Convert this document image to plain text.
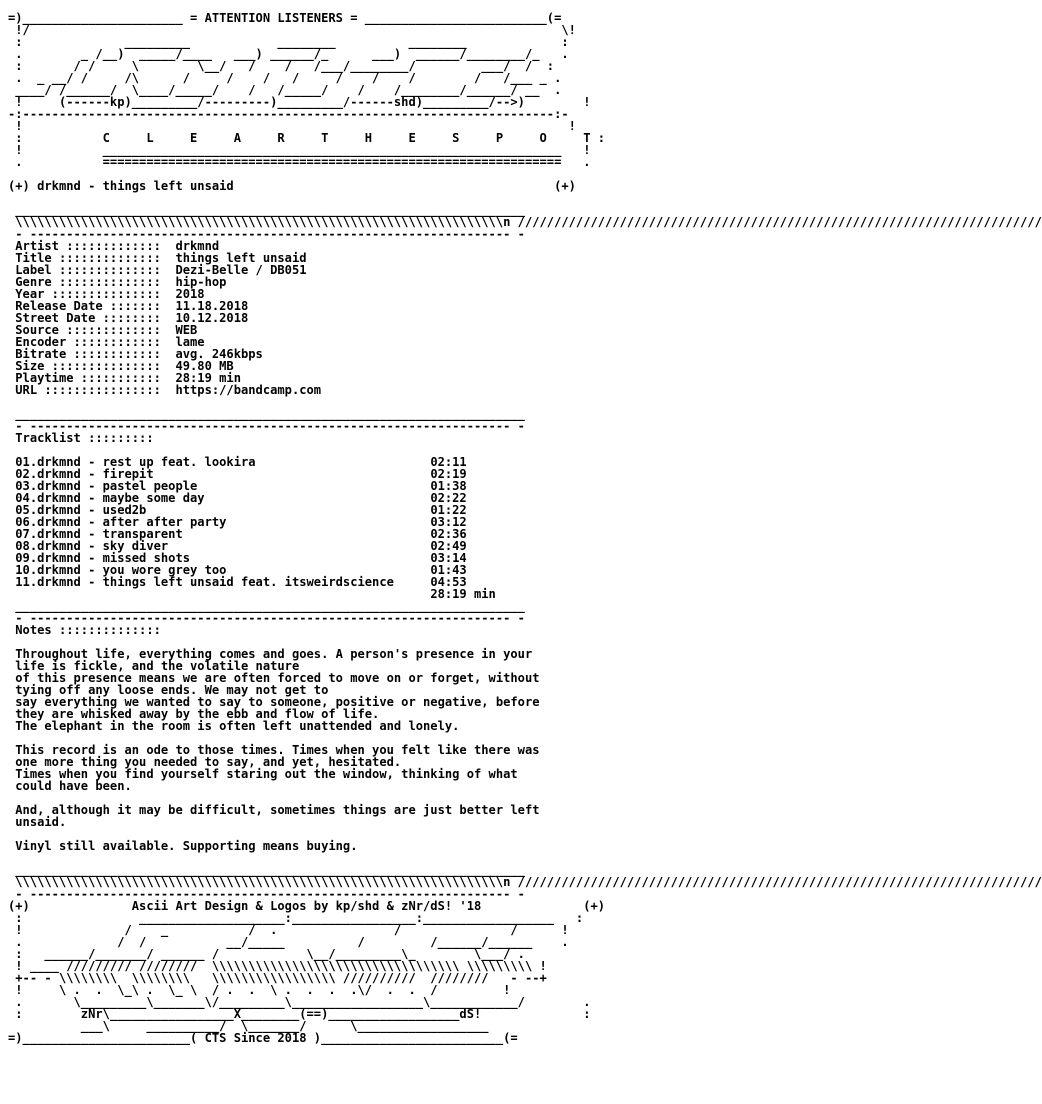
=)______________________ = ATTENTION LISTENERS = _________________________(=
!/                                                                         \!
:              _________            ________          ________             :
.        _ /__)  _____/____   ___) ______/_      ___)  ______/________/_   .
:       / /     \        \__/   /    /   /___/________/         ___/  /  :
.  _ __/ /     /\      /     /    /   /     /    /    /        /   /___ _ .
____/ /______/  \____/_____/    /   /_____/    /    /________/______/ __  .
!     (------kp)_________/---------)_________/------shd)_________/-->)        !
-:-------------------------------------------------------------------------:-
!                                                                           !
:           C     L     E     A     R     T     H     E     S     P     O     T :
!           _______________________________________________________________   !
.           ===============================================================   .

(+) drkmnd - things left unsaid                                            (+)

______________________________________________________________________
\\\\\\\\\\\\\\\\\\\\\\\\\\\\\\\\\\\\\\\\\\\\\\\\\\\\\\\\\\\\\\\\\\\n ////////////////////////////////////////////////////////////////////////
- ------------------------------------------------------------------ -
Artist ::::::::::::: drkmnd
Title :::::::::::::: things left unsaid
Label :::::::::::::: Dezi-Belle / DB051
Genre :::::::::::::: hip-hop
Year ::::::::::::::: 2018
Release Date ::::::: 11.18.2018
Street Date :::::::: 10.12.2018
Source ::::::::::::: WEB
Encoder :::::::::::: lame
Bitrate :::::::::::: avg. 246kbps
Size ::::::::::::::: 49.80 MB
Playtime ::::::::::: 28:19 min
URL :::::::::::::::: https://bandcamp.com

______________________________________________________________________
- ------------------------------------------------------------------ -
Tracklist :::::::::

01.drkmnd - rest up feat. lookira	02:11
02.drkmnd - firepit	02:19
03.drkmnd - pastel people	01:38
04.drkmnd - maybe some day	02:22
05.drkmnd - used2b	01:22
06.drkmnd - after after party	03:12
07.drkmnd - transparent	02:36
08.drkmnd - sky diver	02:49
09.drkmnd - missed shots	03:14
10.drkmnd - you wore grey too	01:43
11.drkmnd - things left unsaid feat. itsweirdscience	04:53
28:19 min
______________________________________________________________________
- ------------------------------------------------------------------ -
Notes ::::::::::::::

Throughout life, everything comes and goes. A person's presence in your
life is fickle, and the volatile nature
of this presence means we are often forced to move on or forget, without
tying off any loose ends. We may not get to
say everything we wanted to say to someone, positive or negative, before
they are whisked away by the ebb and flow of life.
The elephant in the room is often left unattended and lonely.

This record is an ode to those times. Times when you felt like there was
one more thing you needed to say, and yet, hesitated.
Times when you find yourself staring out the window, thinking of what
could have been.

And, although it may be difficult, sometimes things are just better left
unsaid.

Vinyl still available. Supporting means buying.

______________________________________________________________________
\\\\\\\\\\\\\\\\\\\\\\\\\\\\\\\\\\\\\\\\\\\\\\\\\\\\\\\\\\\\\\\\\\\n ////////////////////////////////////////////////////////////////////////
- ------------------------------------------------------------------ -
(+)              Ascii Art Design & Logos by kp/shd & zNr/dS! '18              (+)
:                ____________________:_________________:__________________   :
!              /    _           /  .                /               /      !
.             /  /           __/_____          /         /______/______    .
:   ______/_______/ ______ /            \__/_________\_        \___/ .
! ____ ///////// ////////  \\\\\\\\\\\\\\\\\\\\\\\\\\\\\\\\\\ \\\\\\\\\ !
+-- - \\\\\\\\  \\\\\\\\   \\\\\\\\\\\\\\\\\ //////////  ////////   - --+
!     \ .  .  \_\ .  \_ \  / .  .  \ .  .  .  .\/  .  .  /         !
.       \_________\_______\/_________\__________________\____________/        .
:        zNr\_________________X________(==)__________________dS!              :
___\     __________/  \_______/      \__________________
=)_______________________( CTS Since 2018 )_________________________(=
